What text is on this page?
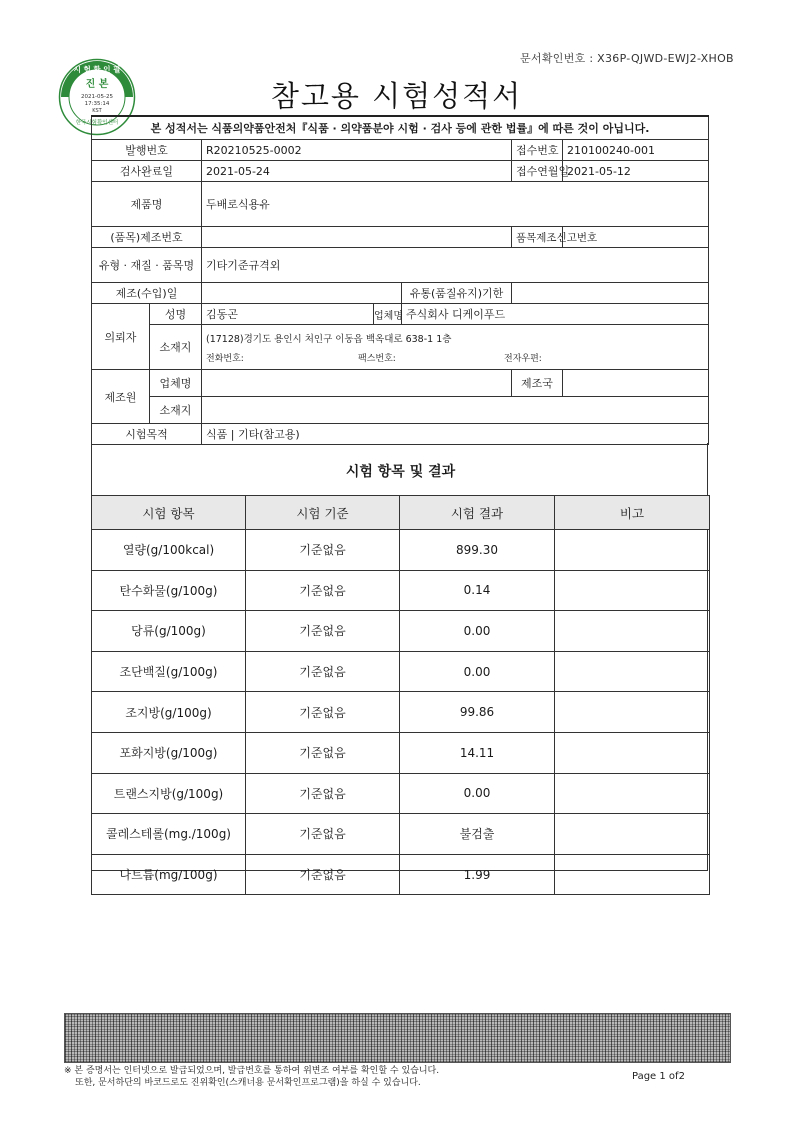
문서확인번호 : X36P-QJWD-EWJ2-XHOB
시 험 확 인 필
진 본
2021-05-25
17:35:14
KST
한국시험확인센터
참고용 시험성적서
본 성적서는 식품의약품안전처『식품 · 의약품분야 시험 · 검사 등에 관한 법률』에 따른 것이 아닙니다.						
발행번호		R20210525-0002			접수번호	210100240-001
검사완료일		2021-05-24			접수연월일	2021-05-12
제품명		두배로식용유				
(품목)제조번호					품목제조신고번호	
유형 · 재질 · 품목명		기타기준규격외				
제조(수입)일				유통(품질유지)기한		
의뢰자	성명	김동곤	업체명	주식회사 디케이푸드		
	소재지	(17128)경기도 용인시 처인구 이동읍 백옥대로 638-1 1층
전화번호: 팩스번호: 전자우편:				

제조원	업체명				제조국	
	소재지					
시험목적		식품 | 기타(참고용)				
시험 항목 및 결과
시험 항목	시험 기준	시험 결과	비고
열량(g/100kcal)	기준없음	899.30	
탄수화물(g/100g)	기준없음	0.14	
당류(g/100g)	기준없음	0.00	
조단백질(g/100g)	기준없음	0.00	
조지방(g/100g)	기준없음	99.86	
포화지방(g/100g)	기준없음	14.11	
트랜스지방(g/100g)	기준없음	0.00	
콜레스테롤(mg./100g)	기준없음	불검출	
나트륨(mg/100g)	기준없음	1.99	
※ 본 증명서는 인터넷으로 발급되었으며, 발급번호를 통하여 위변조 여부를 확인할 수 있습니다.
또한, 문서하단의 바코드로도 진위확인(스캐너용 문서확인프로그램)을 하실 수 있습니다.
Page 1 of2
